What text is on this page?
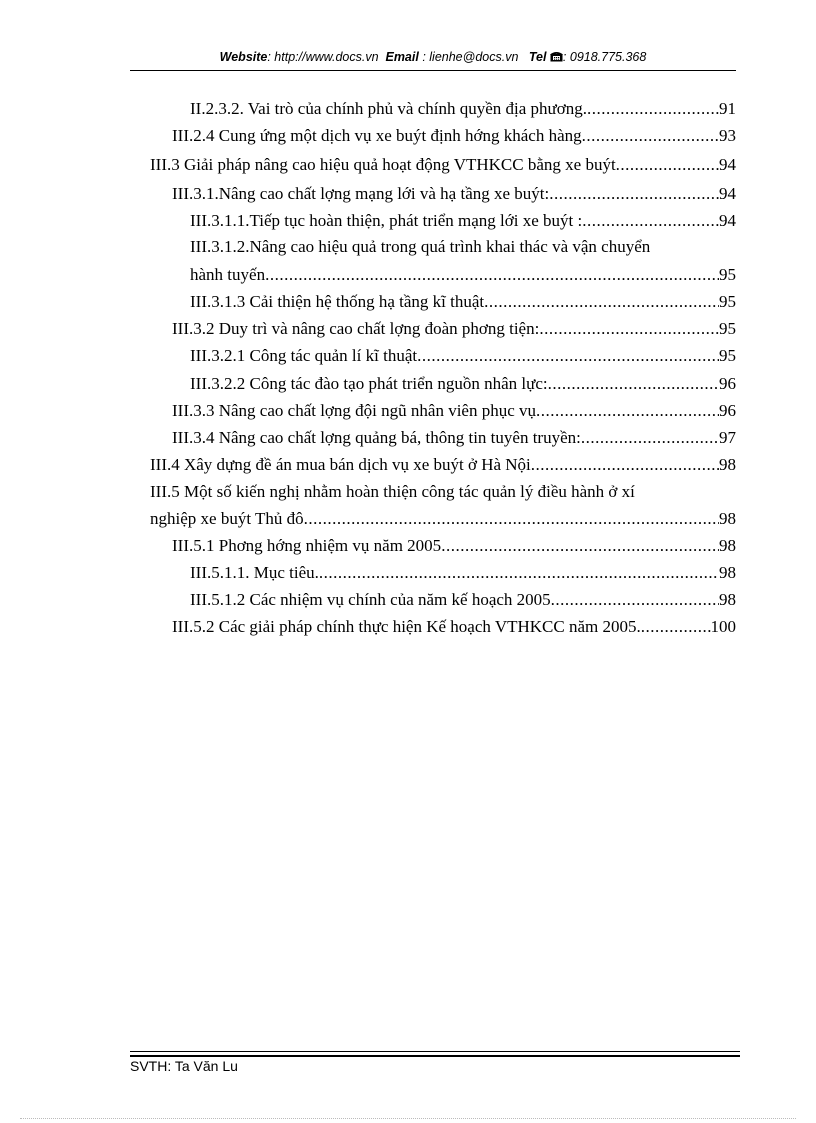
Website: http://www.docs.vn Email : lienhe@docs.vn Tel : 0918.775.368
II.2.3.2. Vai trò của chính phủ và chính quyền địa phương. .....	91
III.2.4 Cung ứng một dịch vụ xe buýt định hớng khách hàng .....	93
III.3 Giải pháp nâng cao hiệu quả hoạt động VTHKCC bằng xe buýt .....	94
III.3.1.Nâng cao chất lợng mạng lới và hạ tầng xe buýt: .....	94
III.3.1.1.Tiếp tục hoàn thiện, phát triển mạng lới xe buýt : .....	94
III.3.1.2.Nâng cao hiệu quả trong quá trình khai thác và vận chuyển
hành tuyến .....	95
III.3.1.3 Cải thiện hệ thống hạ tầng kĩ thuật .....	95
III.3.2 Duy trì và nâng cao chất lợng đoàn phơng tiện: .....	95
III.3.2.1 Công tác quản lí kĩ thuật .....	95
III.3.2.2 Công tác đào tạo phát triển nguồn nhân lực: .....	96
III.3.3 Nâng cao chất lợng đội ngũ nhân viên phục vụ .....	96
III.3.4 Nâng cao chất lợng quảng bá, thông tin tuyên truyền: .....	97
III.4 Xây dựng đề án mua bán dịch vụ xe buýt ở Hà Nội .....	98
III.5 Một số kiến nghị nhằm hoàn thiện công tác quản lý điều hành ở xí
nghiệp xe buýt Thủ đô .....	98
III.5.1 Phơng hớng nhiệm vụ năm 2005 .....	98
III.5.1.1. Mục tiêu. .....	98
III.5.1.2 Các nhiệm vụ chính của năm kế hoạch 2005 .....	98
III.5.2 Các giải pháp chính thực hiện Kế hoạch VTHKCC năm 2005. .....	100
SVTH: Ta Văn Lu
